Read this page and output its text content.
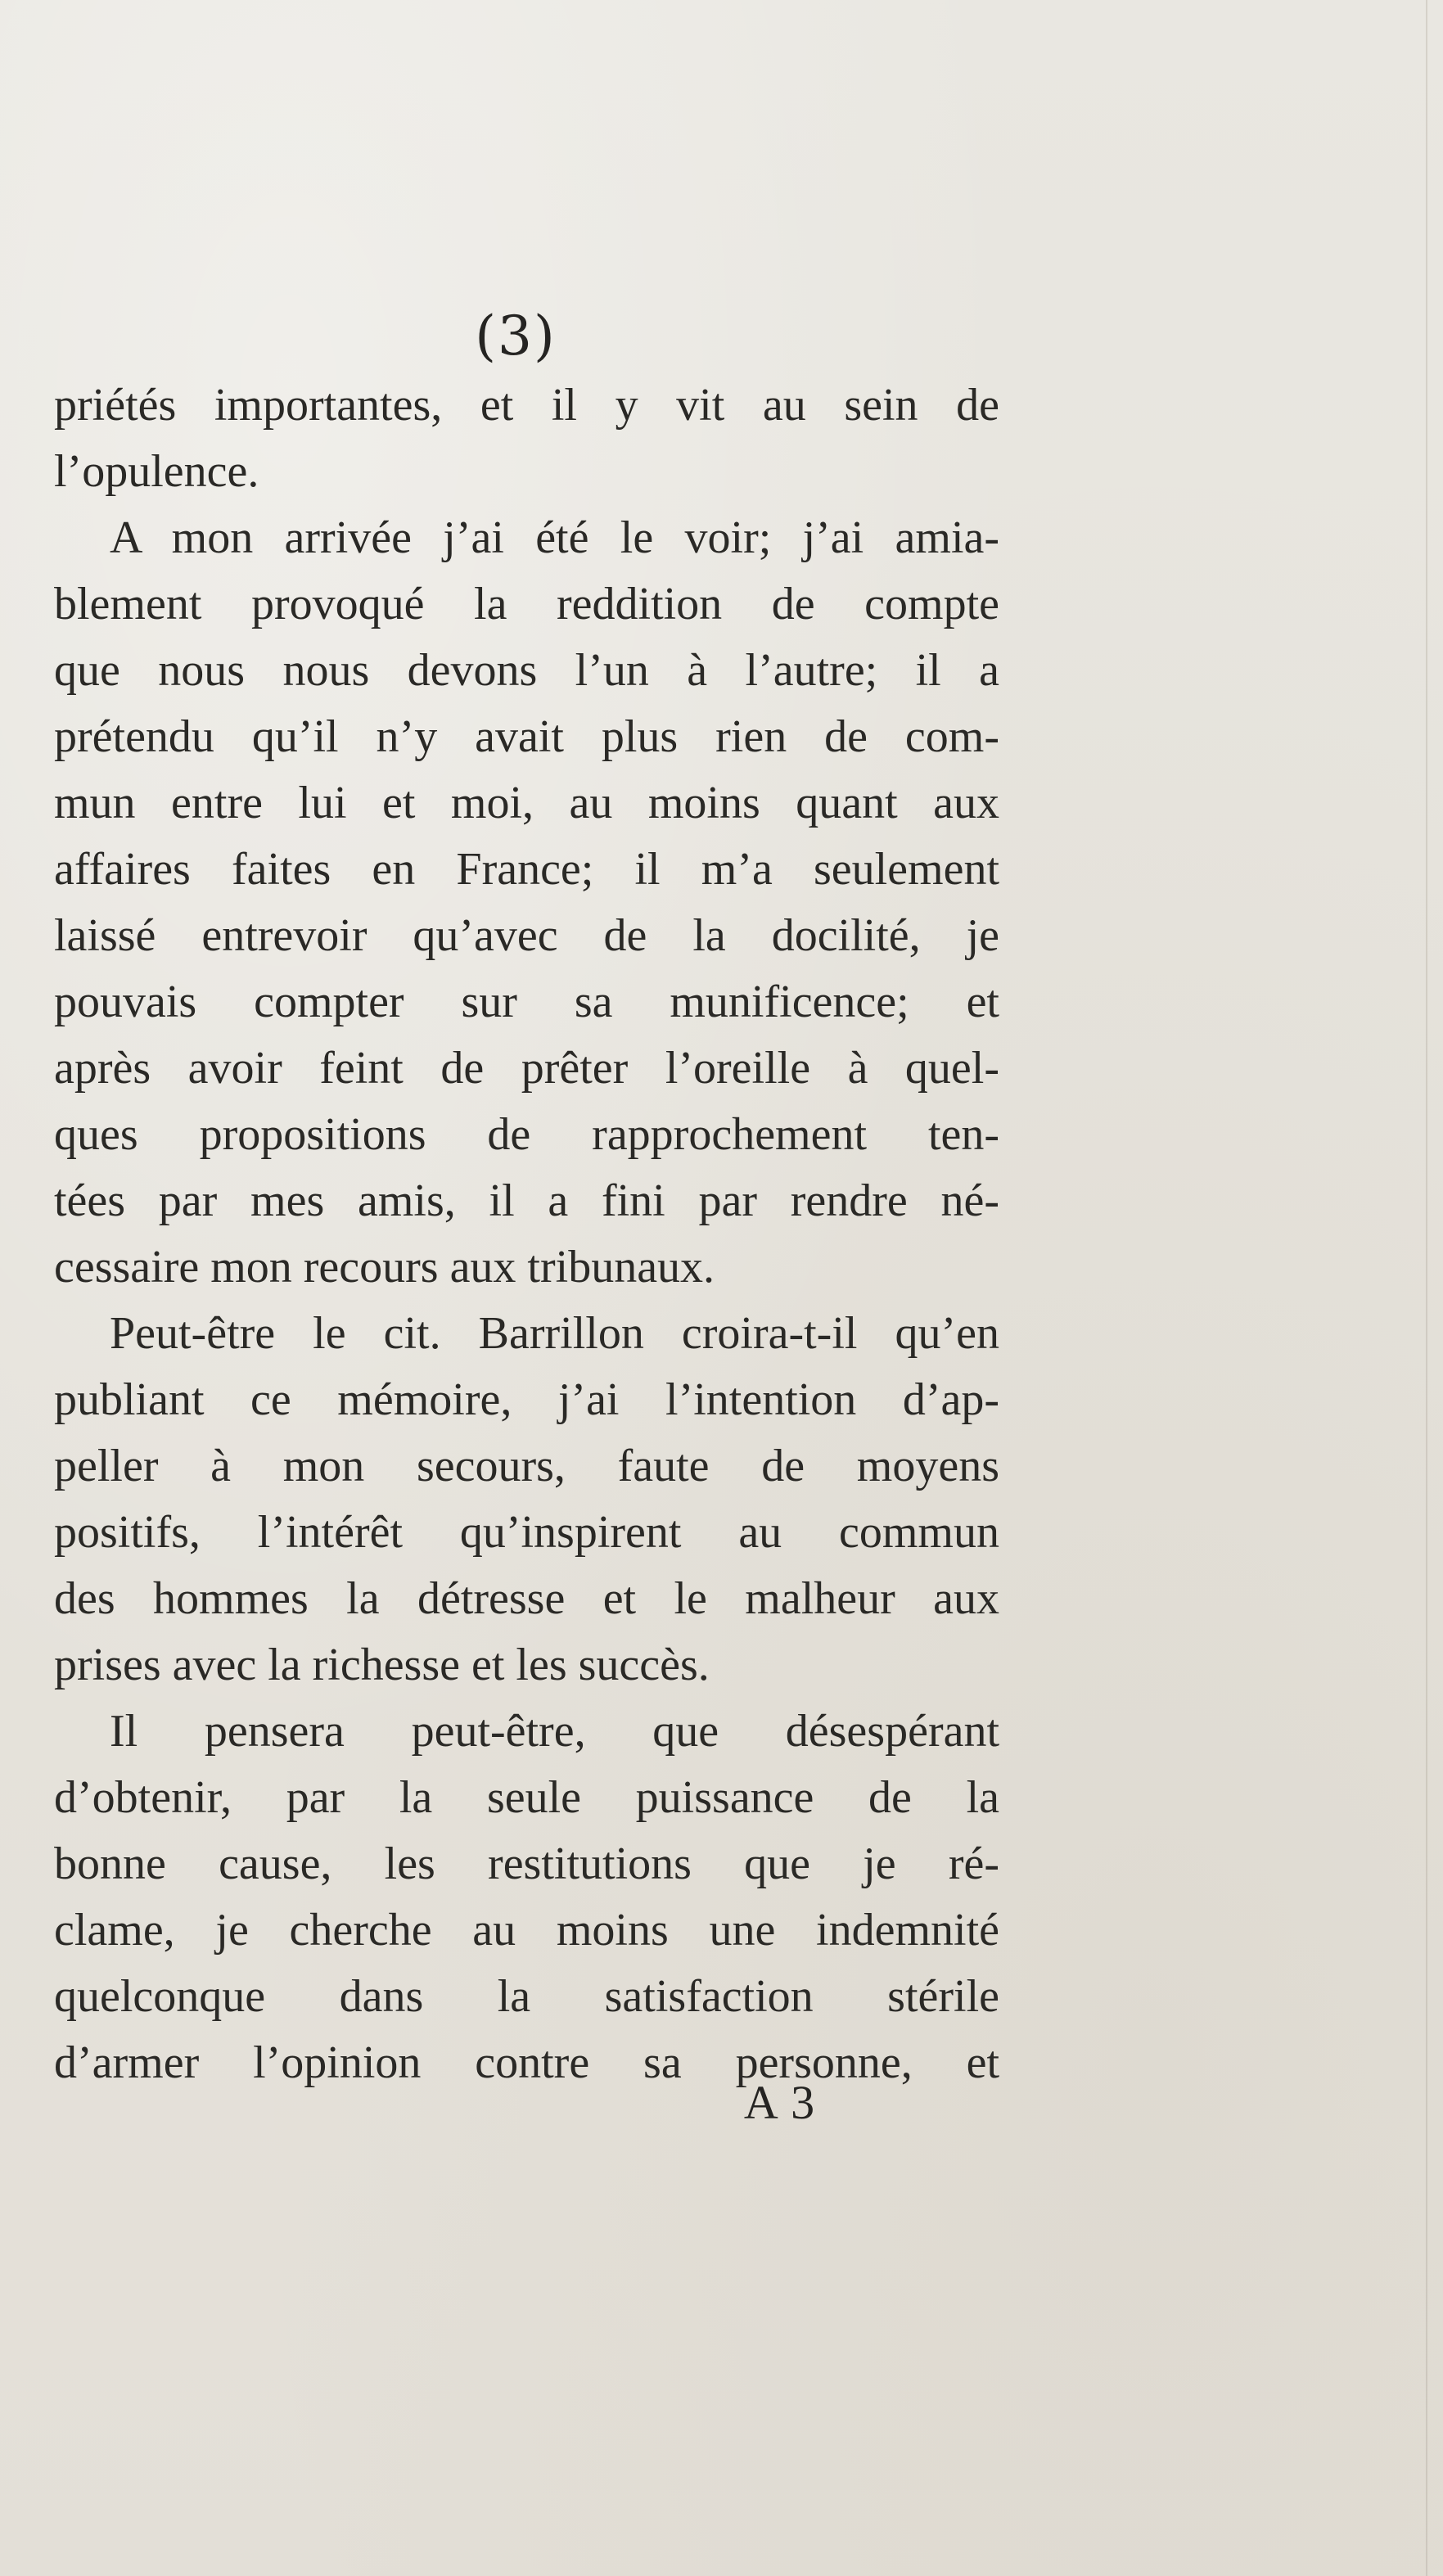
(3)
priétés importantes, et il y vit au sein de
l’opulence.
A mon arrivée j’ai été le voir; j’ai amia-
blement provoqué la reddition de compte
que nous nous devons l’un à l’autre; il a
prétendu qu’il n’y avait plus rien de com-
mun entre lui et moi, au moins quant aux
affaires faites en France; il m’a seulement
laissé entrevoir qu’avec de la docilité, je
pouvais compter sur sa munificence; et
après avoir feint de prêter l’oreille à quel-
ques propositions de rapprochement ten-
tées par mes amis, il a fini par rendre né-
cessaire mon recours aux tribunaux.
Peut-être le cit. Barrillon croira-t-il qu’en
publiant ce mémoire, j’ai l’intention d’ap-
peller à mon secours, faute de moyens
positifs, l’intérêt qu’inspirent au commun
des hommes la détresse et le malheur aux
prises avec la richesse et les succès.
Il pensera peut-être, que désespérant
d’obtenir, par la seule puissance de la
bonne cause, les restitutions que je ré-
clame, je cherche au moins une indemnité
quelconque dans la satisfaction stérile
d’armer l’opinion contre sa personne, et
A 3
